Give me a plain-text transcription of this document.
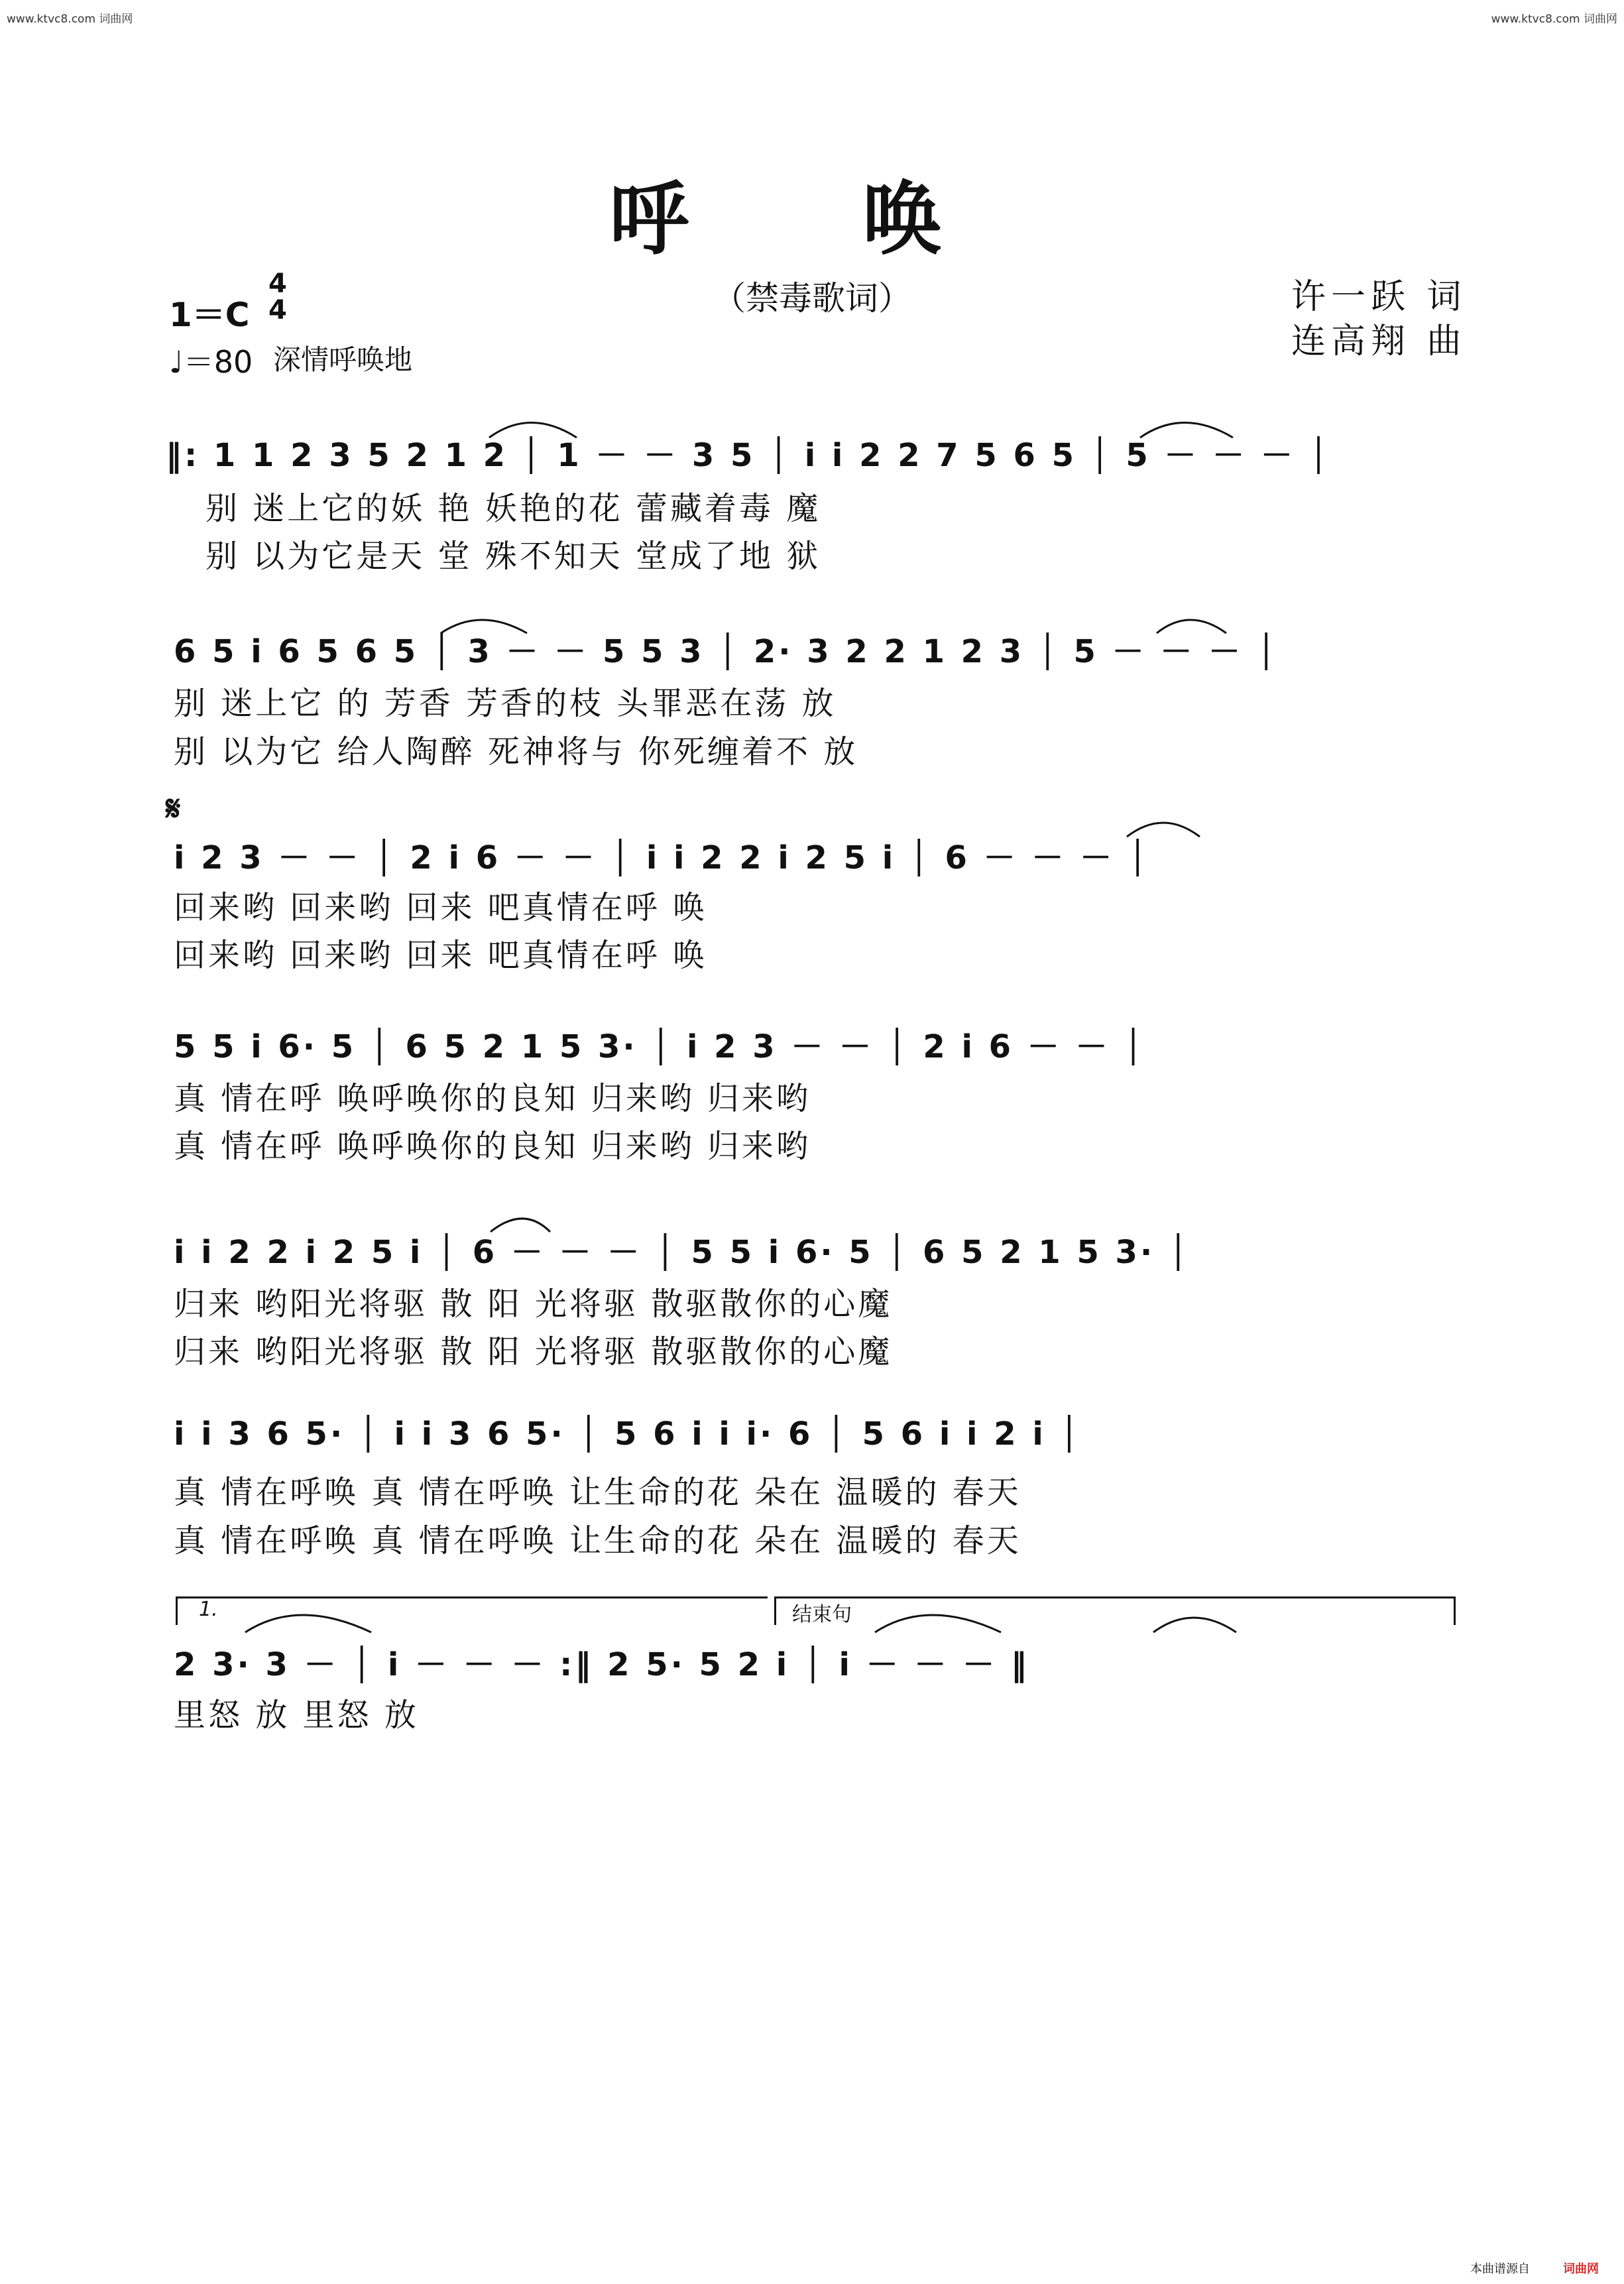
www.ktvc8.com 词曲网	www.ktvc8.com 词曲网
呼 唤
（禁毒歌词）
1＝C
4
4
♩＝80 深情呼唤地
许一跃 词
连高翔 曲
‖: 1 1 2 3 5 2 1 2 │ 1 － － 3 5 │ i i 2 2 7 5 6 5 │ 5 － － － │
别 迷上它的妖 艳 妖艳的花 蕾藏着毒 魔
别 以为它是天 堂 殊不知天 堂成了地 狱
6 5 i 6 5 6 5 │ 3 － － 5 5 3 │ 2· 3 2 2 1 2 3 │ 5 － － － │
别 迷上它 的 芳香 芳香的枝 头罪恶在荡 放
别 以为它 给人陶醉 死神将与 你死缠着不 放
𝄋
i 2 3 － － │ 2 i 6 － － │ i i 2 2 i 2 5 i │ 6 － － － │
回来哟 回来哟 回来 吧真情在呼 唤
回来哟 回来哟 回来 吧真情在呼 唤
5 5 i 6· 5 │ 6 5 2 1 5 3· │ i 2 3 － － │ 2 i 6 － － │
真 情在呼 唤呼唤你的良知 归来哟 归来哟
真 情在呼 唤呼唤你的良知 归来哟 归来哟
i i 2 2 i 2 5 i │ 6 － － － │ 5 5 i 6· 5 │ 6 5 2 1 5 3· │
归来 哟阳光将驱 散 阳 光将驱 散驱散你的心魔
归来 哟阳光将驱 散 阳 光将驱 散驱散你的心魔
i i 3 6 5· │ i i 3 6 5· │ 5 6 i i i· 6 │ 5 6 i i 2 i │
真 情在呼唤 真 情在呼唤 让生命的花 朵在 温暖的 春天
真 情在呼唤 真 情在呼唤 让生命的花 朵在 温暖的 春天
1.	结束句
2 3· 3 － │ i － － － :‖ 2 5· 5 2 i │ i － － － ‖
里怒 放 里怒 放
本曲谱源自	词曲网
